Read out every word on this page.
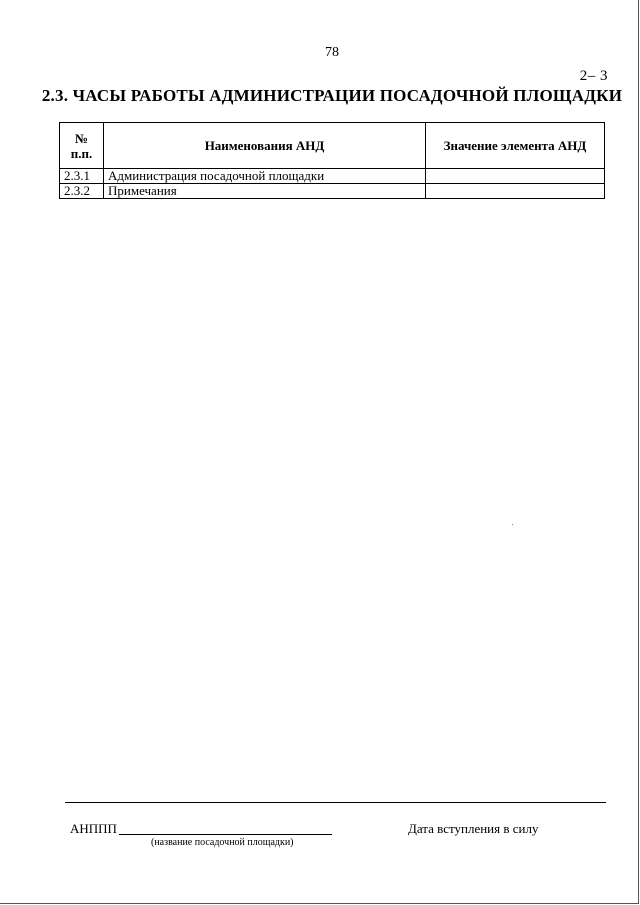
78
2– 3
2.3. ЧАСЫ РАБОТЫ АДМИНИСТРАЦИИ ПОСАДОЧНОЙ ПЛОЩАДКИ
№
п.п.	Наименования АНД	Значение элемента АНД
2.3.1	Администрация посадочной площадки	
2.3.2	Примечания	
АНППП
(название посадочной площадки)
Дата вступления в силу
